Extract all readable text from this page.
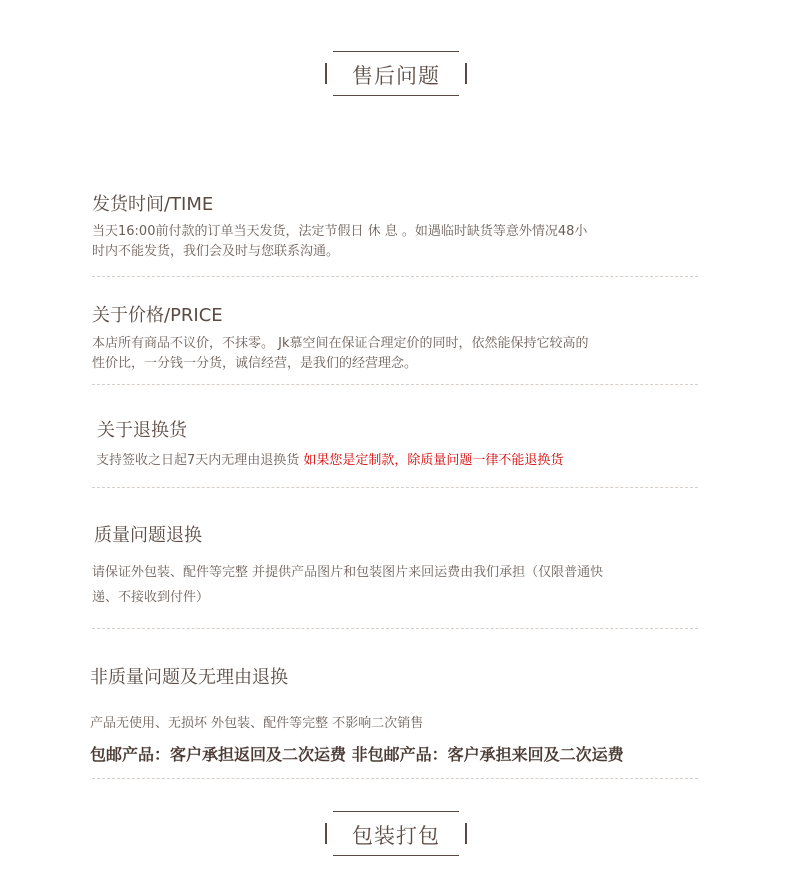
售后问题
发货时间/TIME
当天16:00前付款的订单当天发货，法定节假日 休 息 。如遇临时缺货等意外情况48小
时内不能发货，我们会及时与您联系沟通。
关于价格/PRICE
本店所有商品不议价，不抹零。 Jk慕空间在保证合理定价的同时，依然能保持它较高的
性价比，一分钱一分货，诚信经营，是我们的经营理念。
关于退换货
支持签收之日起7天内无理由退换货 如果您是定制款，除质量问题一律不能退换货
质量问题退换
请保证外包装、配件等完整 并提供产品图片和包装图片来回运费由我们承担（仅限普通快
递、不接收到付件）
非质量问题及无理由退换
产品无使用、无损坏 外包装、配件等完整 不影响二次销售
包邮产品：客户承担返回及二次运费 非包邮产品：客户承担来回及二次运费
包装打包
